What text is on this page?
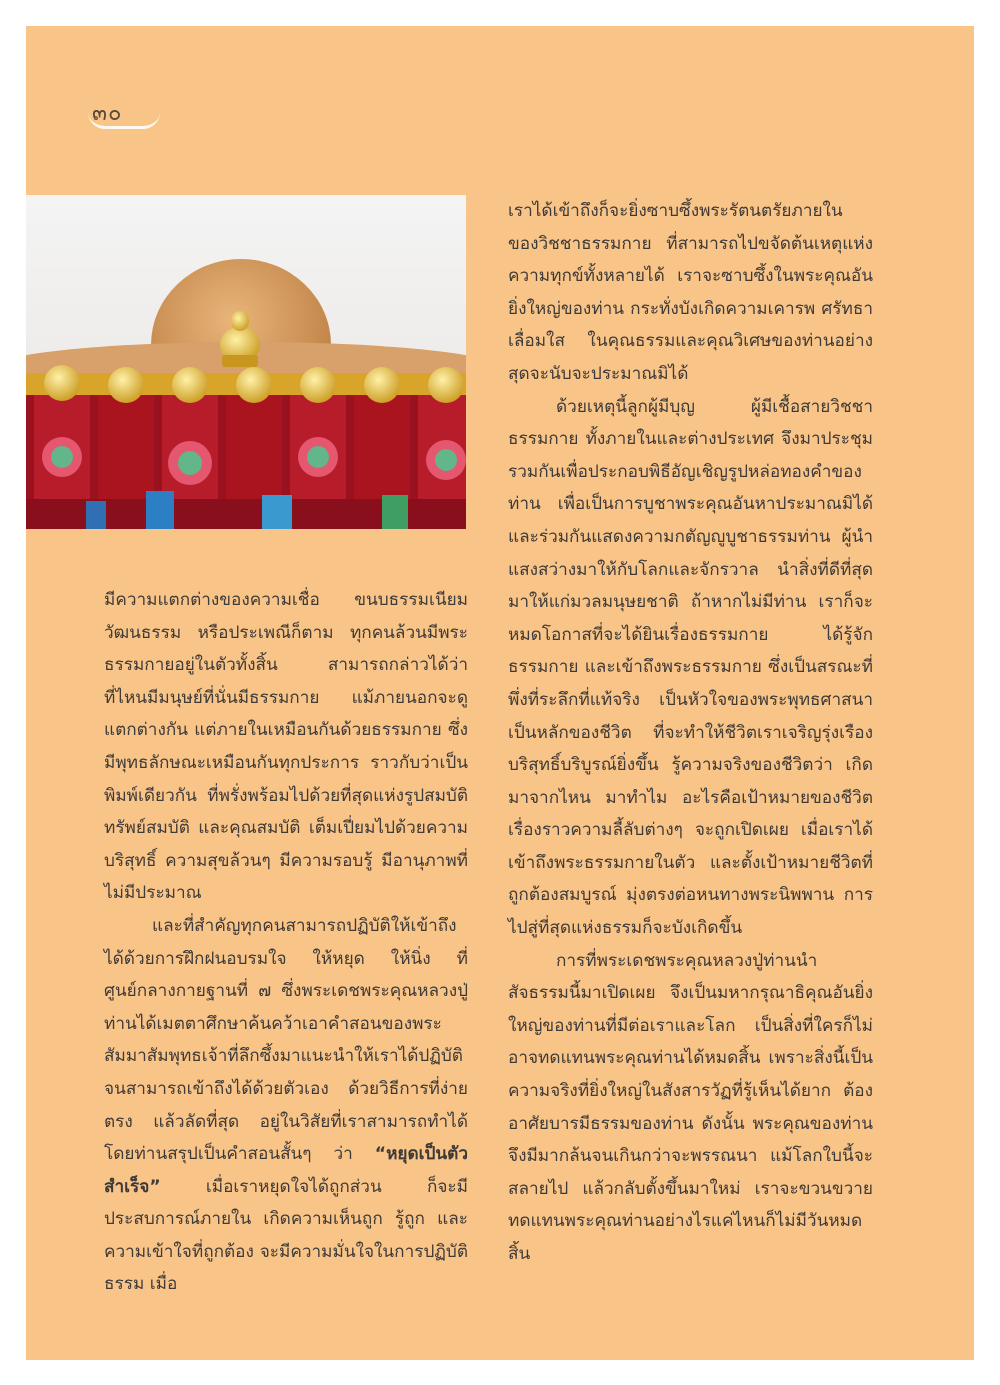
๓๐

มีความแตกต่างของความเชื่อ ขนบธรรมเนียม วัฒนธรรม หรือประเพณีก็ตาม ทุกคนล้วนมีพระธรรมกายอยู่ในตัวทั้งสิ้น สามารถกล่าวได้ว่า ที่ไหนมีมนุษย์ที่นั่นมีธรรมกาย แม้ภายนอกจะดูแตกต่างกัน แต่ภายในเหมือนกันด้วยธรรมกาย ซึ่งมีพุทธลักษณะเหมือนกันทุกประการ ราวกับว่าเป็นพิมพ์เดียวกัน ที่พรั่งพร้อมไปด้วยที่สุดแห่งรูปสมบัติ ทรัพย์สมบัติ และคุณสมบัติ เต็มเปี่ยมไปด้วยความบริสุทธิ์ ความสุขล้วนๆ มีความรอบรู้ มีอานุภาพที่ไม่มีประมาณ

และที่สำคัญทุกคนสามารถปฏิบัติให้เข้าถึงได้ด้วยการฝึกฝนอบรมใจ ให้หยุด ให้นิ่ง ที่ศูนย์กลางกายฐานที่ ๗ ซึ่งพระเดชพระคุณหลวงปู่ท่านได้เมตตาศึกษาค้นคว้าเอาคำสอนของพระสัมมาสัมพุทธเจ้าที่ลึกซึ้งมาแนะนำให้เราได้ปฏิบัติจนสามารถเข้าถึงได้ด้วยตัวเอง ด้วยวิธีการที่ง่าย ตรง แล้วลัดที่สุด อยู่ในวิสัยที่เราสามารถทำได้ โดยท่านสรุปเป็นคำสอนสั้นๆ ว่า “หยุดเป็นตัวสำเร็จ” เมื่อเราหยุดใจได้ถูกส่วน ก็จะมีประสบการณ์ภายใน เกิดความเห็นถูก รู้ถูก และความเข้าใจที่ถูกต้อง จะมีความมั่นใจในการปฏิบัติธรรม เมื่อ

เราได้เข้าถึงก็จะยิ่งซาบซึ้งพระรัตนตรัยภายในของวิชชาธรรมกาย ที่สามารถไปขจัดต้นเหตุแห่งความทุกข์ทั้งหลายได้ เราจะซาบซึ้งในพระคุณอันยิ่งใหญ่ของท่าน กระทั่งบังเกิดความเคารพ ศรัทธา เลื่อมใส ในคุณธรรมและคุณวิเศษของท่านอย่างสุดจะนับจะประมาณมิได้

ด้วยเหตุนี้ลูกผู้มีบุญ ผู้มีเชื้อสายวิชชาธรรมกาย ทั้งภายในและต่างประเทศ จึงมาประชุมรวมกันเพื่อประกอบพิธีอัญเชิญรูปหล่อทองคำของท่าน เพื่อเป็นการบูชาพระคุณอันหาประมาณมิได้ และร่วมกันแสดงความกตัญญูบูชาธรรมท่าน ผู้นำแสงสว่างมาให้กับโลกและจักรวาล นำสิ่งที่ดีที่สุดมาให้แก่มวลมนุษยชาติ ถ้าหากไม่มีท่าน เราก็จะหมดโอกาสที่จะได้ยินเรื่องธรรมกาย ได้รู้จักธรรมกาย และเข้าถึงพระธรรมกาย ซึ่งเป็นสรณะที่พึ่งที่ระลึกที่แท้จริง เป็นหัวใจของพระพุทธศาสนา เป็นหลักของชีวิต ที่จะทำให้ชีวิตเราเจริญรุ่งเรือง บริสุทธิ์บริบูรณ์ยิ่งขึ้น รู้ความจริงของชีวิตว่า เกิดมาจากไหน มาทำไม อะไรคือเป้าหมายของชีวิต เรื่องราวความลี้ลับต่างๆ จะถูกเปิดเผย เมื่อเราได้เข้าถึงพระธรรมกายในตัว และตั้งเป้าหมายชีวิตที่ถูกต้องสมบูรณ์ มุ่งตรงต่อหนทางพระนิพพาน การไปสู่ที่สุดแห่งธรรมก็จะบังเกิดขึ้น

การที่พระเดชพระคุณหลวงปู่ท่านนำสัจธรรมนี้มาเปิดเผย จึงเป็นมหากรุณาธิคุณอันยิ่งใหญ่ของท่านที่มีต่อเราและโลก เป็นสิ่งที่ใครก็ไม่อาจทดแทนพระคุณท่านได้หมดสิ้น เพราะสิ่งนี้เป็นความจริงที่ยิ่งใหญ่ในสังสารวัฏที่รู้เห็นได้ยาก ต้องอาศัยบารมีธรรมของท่าน ดังนั้น พระคุณของท่านจึงมีมากล้นจนเกินกว่าจะพรรณนา แม้โลกใบนี้จะสลายไป แล้วกลับตั้งขึ้นมาใหม่ เราจะขวนขวายทดแทนพระคุณท่านอย่างไรแค่ไหนก็ไม่มีวันหมดสิ้น
